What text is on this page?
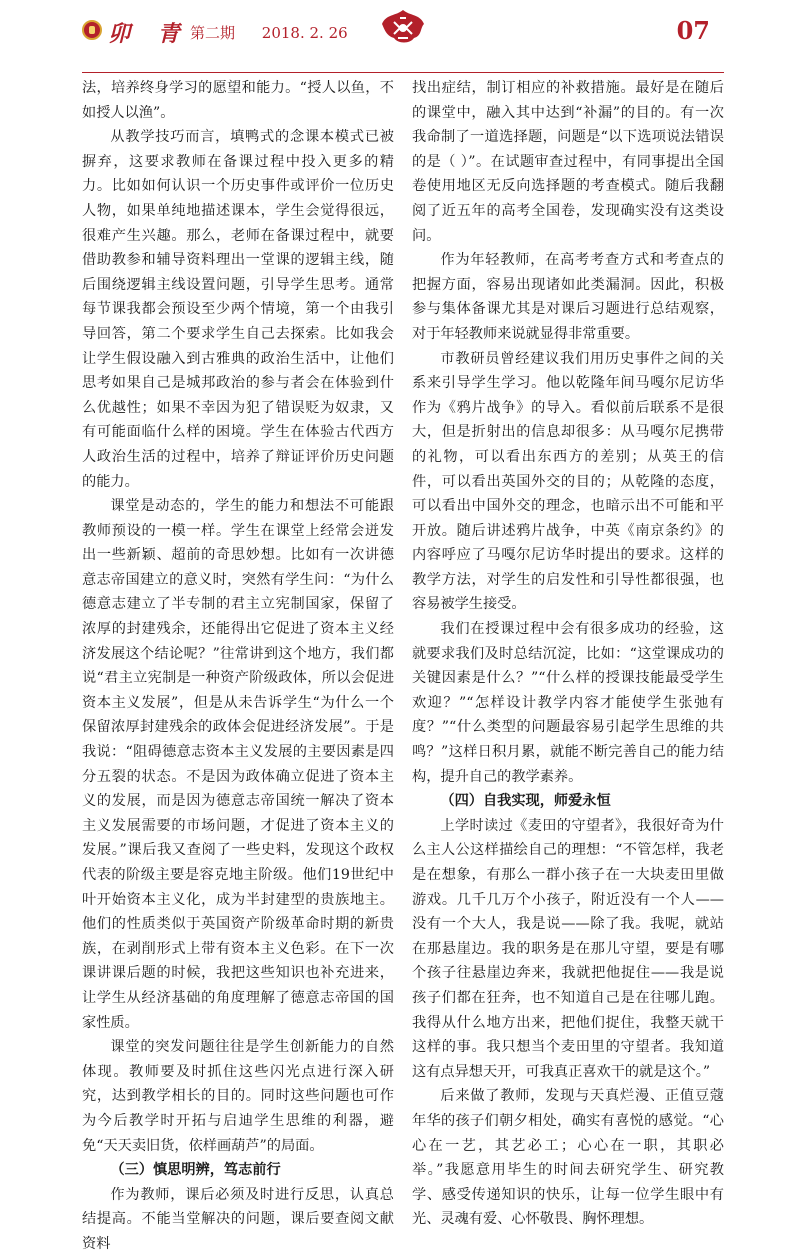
卯 青 第二期 2018. 2. 26	07

法，培养终身学习的愿望和能力。“授人以鱼，不如授人以渔”。

从教学技巧而言，填鸭式的念课本模式已被摒弃，这要求教师在备课过程中投入更多的精力。比如如何认识一个历史事件或评价一位历史人物，如果单纯地描述课本，学生会觉得很远，很难产生兴趣。那么，老师在备课过程中，就要借助教参和辅导资料理出一堂课的逻辑主线，随后围绕逻辑主线设置问题，引导学生思考。通常每节课我都会预设至少两个情境，第一个由我引导回答，第二个要求学生自己去探索。比如我会让学生假设融入到古雅典的政治生活中，让他们思考如果自己是城邦政治的参与者会在体验到什么优越性；如果不幸因为犯了错误贬为奴隶，又有可能面临什么样的困境。学生在体验古代西方人政治生活的过程中，培养了辩证评价历史问题的能力。

课堂是动态的，学生的能力和想法不可能跟教师预设的一模一样。学生在课堂上经常会迸发出一些新颖、超前的奇思妙想。比如有一次讲德意志帝国建立的意义时，突然有学生问：“为什么德意志建立了半专制的君主立宪制国家，保留了浓厚的封建残余，还能得出它促进了资本主义经济发展这个结论呢？”往常讲到这个地方，我们都说“君主立宪制是一种资产阶级政体，所以会促进资本主义发展”，但是从未告诉学生“为什么一个保留浓厚封建残余的政体会促进经济发展”。于是我说：“阻碍德意志资本主义发展的主要因素是四分五裂的状态。不是因为政体确立促进了资本主义的发展，而是因为德意志帝国统一解决了资本主义发展需要的市场问题，才促进了资本主义的发展。”课后我又查阅了一些史料，发现这个政权代表的阶级主要是容克地主阶级。他们19世纪中叶开始资本主义化，成为半封建型的贵族地主。他们的性质类似于英国资产阶级革命时期的新贵族，在剥削形式上带有资本主义色彩。在下一次课讲课后题的时候，我把这些知识也补充进来，让学生从经济基础的角度理解了德意志帝国的国家性质。

课堂的突发问题往往是学生创新能力的自然体现。教师要及时抓住这些闪光点进行深入研究，达到教学相长的目的。同时这些问题也可作为今后教学时开拓与启迪学生思维的利器，避免“天天卖旧货，依样画葫芦”的局面。

（三）慎思明辨，笃志前行

作为教师，课后必须及时进行反思，认真总结提高。不能当堂解决的问题，课后要查阅文献资料

找出症结，制订相应的补救措施。最好是在随后的课堂中，融入其中达到“补漏”的目的。有一次我命制了一道选择题，问题是“以下选项说法错误的是（ ）”。在试题审查过程中，有同事提出全国卷使用地区无反向选择题的考查模式。随后我翻阅了近五年的高考全国卷，发现确实没有这类设问。

作为年轻教师，在高考考查方式和考查点的把握方面，容易出现诸如此类漏洞。因此，积极参与集体备课尤其是对课后习题进行总结观察，对于年轻教师来说就显得非常重要。

市教研员曾经建议我们用历史事件之间的关系来引导学生学习。他以乾隆年间马嘎尔尼访华作为《鸦片战争》的导入。看似前后联系不是很大，但是折射出的信息却很多：从马嘎尔尼携带的礼物，可以看出东西方的差别；从英王的信件，可以看出英国外交的目的；从乾隆的态度，可以看出中国外交的理念，也暗示出不可能和平开放。随后讲述鸦片战争，中英《南京条约》的内容呼应了马嘎尔尼访华时提出的要求。这样的教学方法，对学生的启发性和引导性都很强，也容易被学生接受。

我们在授课过程中会有很多成功的经验，这就要求我们及时总结沉淀，比如：“这堂课成功的关键因素是什么？”“什么样的授课技能最受学生欢迎？”“怎样设计教学内容才能使学生张弛有度？”“什么类型的问题最容易引起学生思维的共鸣？”这样日积月累，就能不断完善自己的能力结构，提升自己的教学素养。

（四）自我实现，师爱永恒

上学时读过《麦田的守望者》，我很好奇为什么主人公这样描绘自己的理想：“不管怎样，我老是在想象，有那么一群小孩子在一大块麦田里做游戏。几千几万个小孩子，附近没有一个人——没有一个大人，我是说——除了我。我呢，就站在那悬崖边。我的职务是在那儿守望，要是有哪个孩子往悬崖边奔来，我就把他捉住——我是说孩子们都在狂奔，也不知道自己是在往哪儿跑。我得从什么地方出来，把他们捉住，我整天就干这样的事。我只想当个麦田里的守望者。我知道这有点异想天开，可我真正喜欢干的就是这个。”

后来做了教师，发现与天真烂漫、正值豆蔻年华的孩子们朝夕相处，确实有喜悦的感觉。“心心在一艺，其艺必工；心心在一职，其职必举。”我愿意用毕生的时间去研究学生、研究教学、感受传递知识的快乐，让每一位学生眼中有光、灵魂有爱、心怀敬畏、胸怀理想。
